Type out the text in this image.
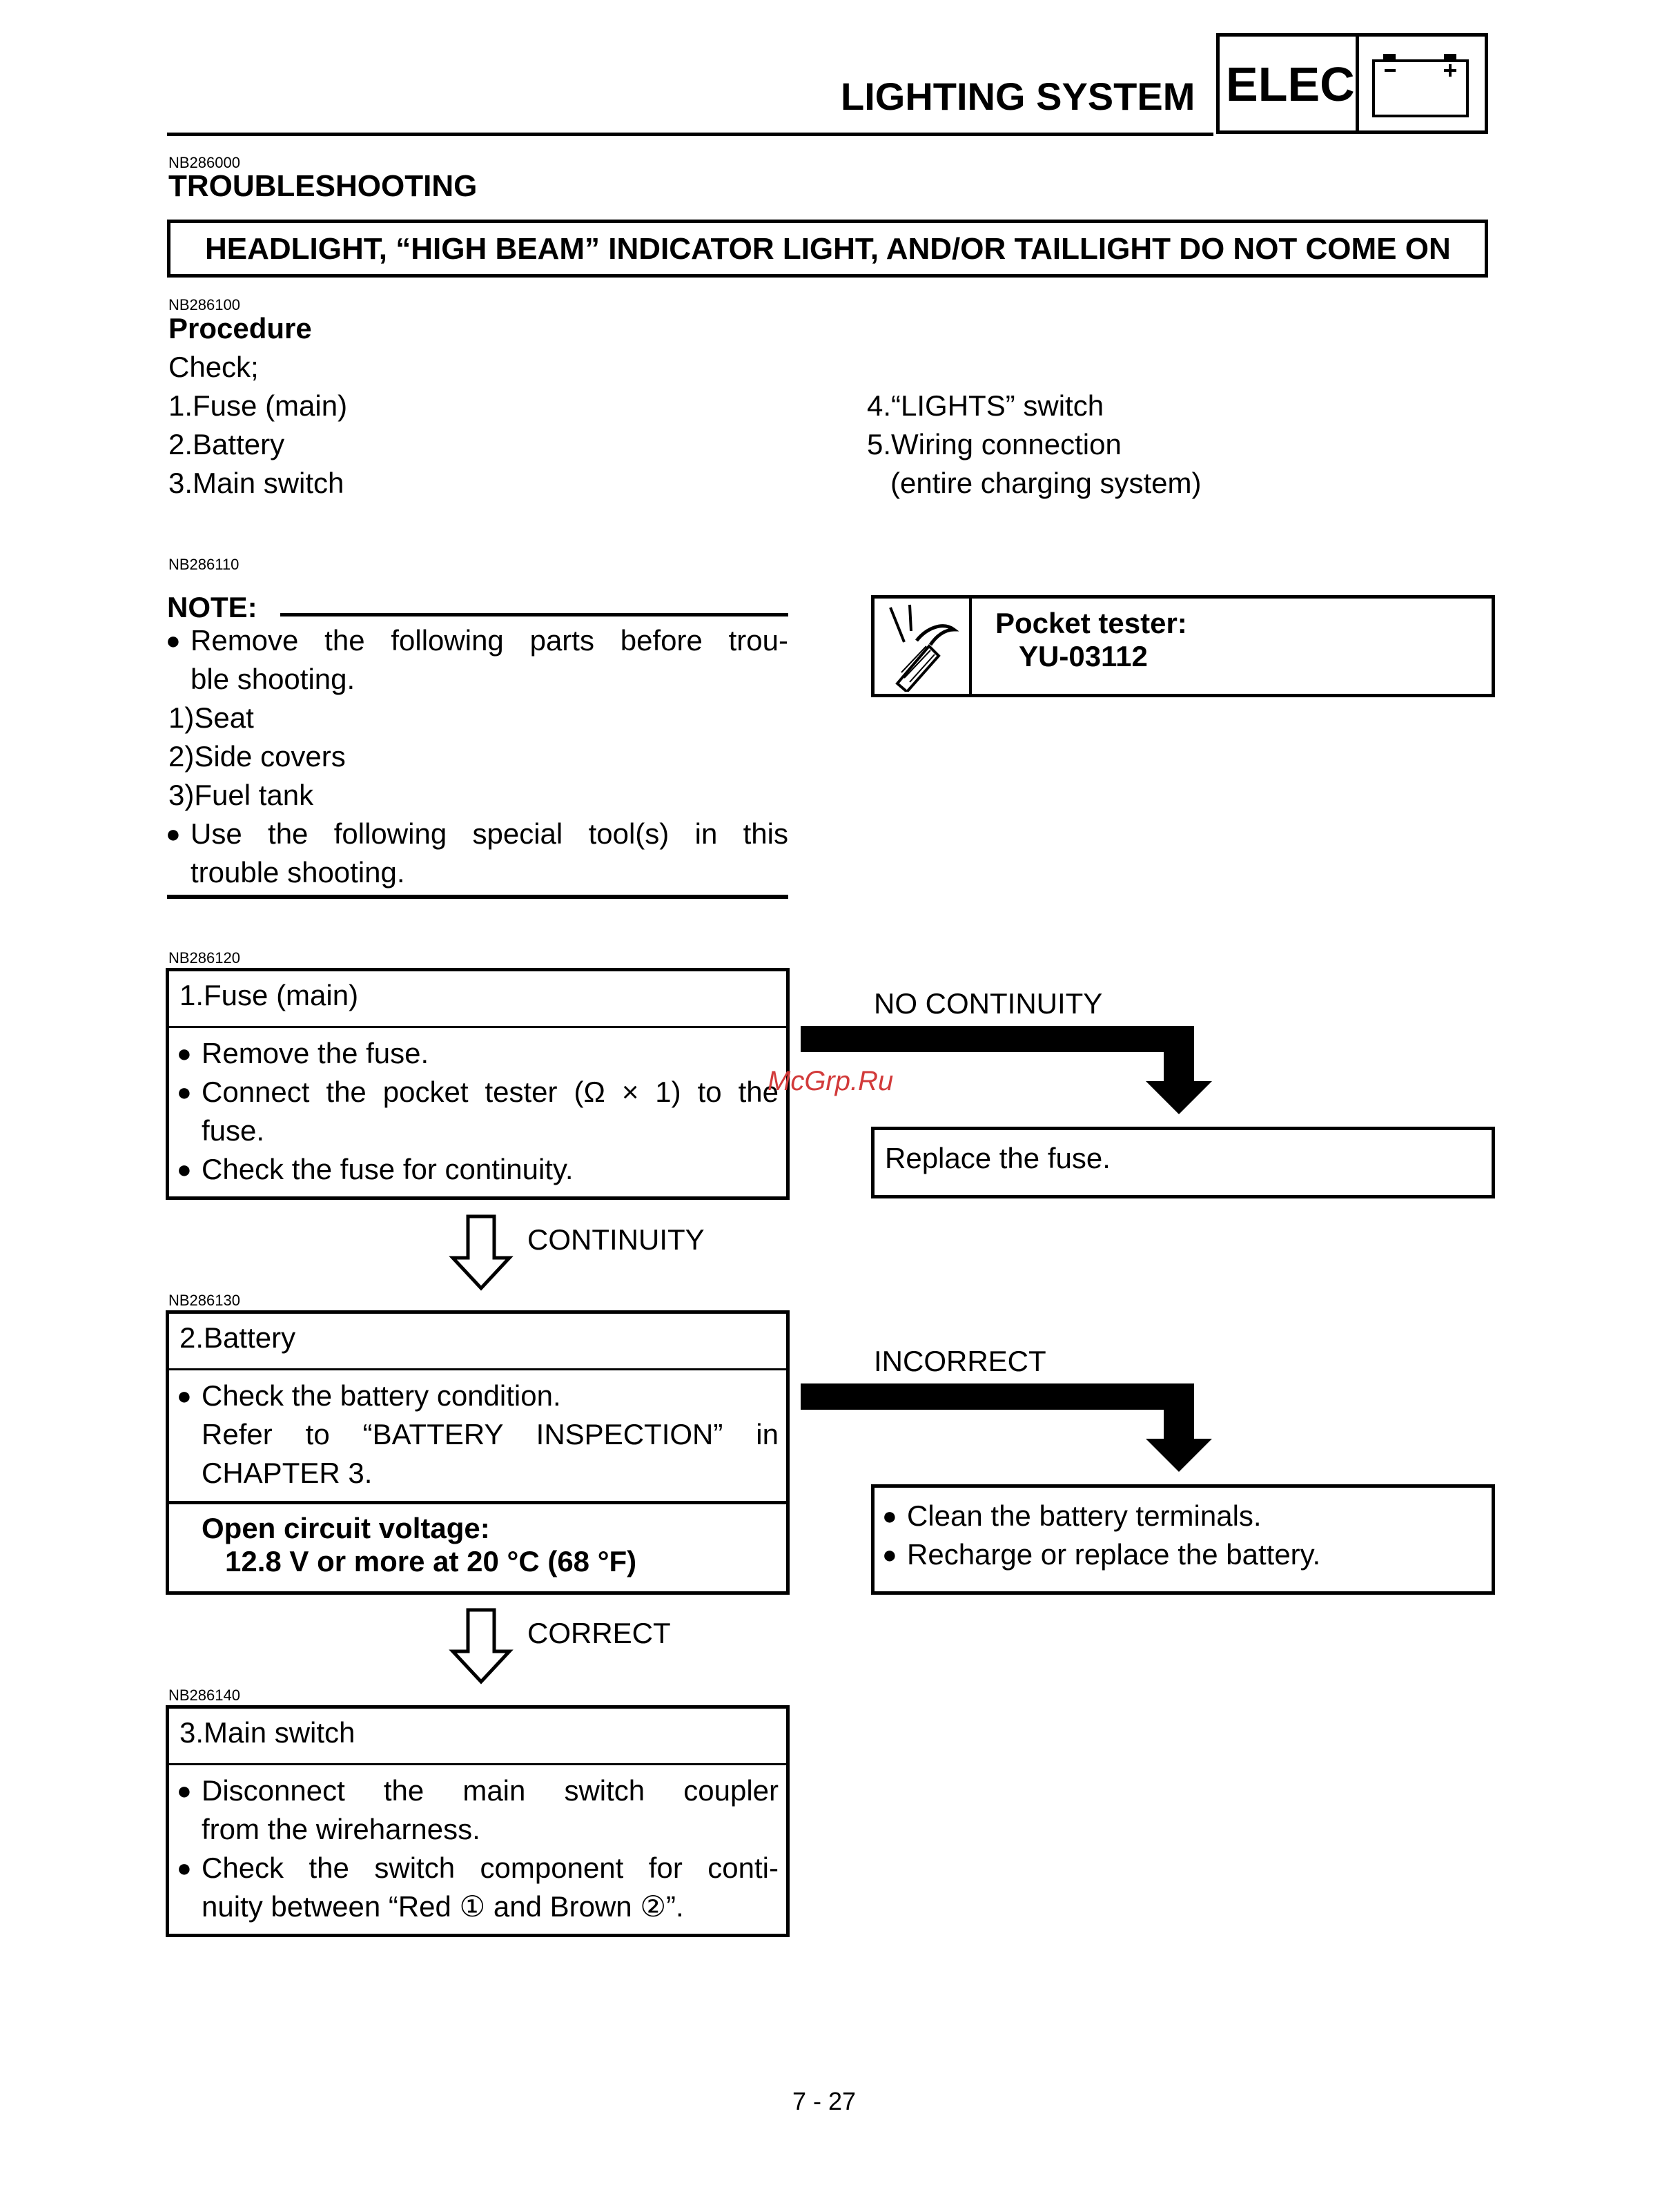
LIGHTING SYSTEM ELEC
NB286000
TROUBLESHOOTING
HEADLIGHT, “HIGH BEAM” INDICATOR LIGHT, AND/OR TAILLIGHT DO NOT COME ON
NB286100
Procedure
Check;
1.Fuse (main)
2.Battery
3.Main switch
4.“LIGHTS” switch
5.Wiring connection
(entire charging system)
NB286110
NOTE:
● Remove the following parts before trou-
ble shooting.
1)Seat
2)Side covers
3)Fuel tank
● Use the following special tool(s) in this
trouble shooting.
Pocket tester:
YU-03112
NB286120
1.Fuse (main)
● Remove the fuse.
● Connect the pocket tester (Ω × 1) to the
fuse.
● Check the fuse for continuity.
NO CONTINUITY
Replace the fuse.
CONTINUITY
NB286130
2.Battery
● Check the battery condition.
Refer to “BATTERY INSPECTION” in
CHAPTER 3.
Open circuit voltage:
12.8 V or more at 20 °C (68 °F)
INCORRECT
● Clean the battery terminals.
● Recharge or replace the battery.
CORRECT
NB286140
3.Main switch
● Disconnect the main switch coupler
from the wireharness.
● Check the switch component for conti-
nuity between “Red ① and Brown ②”.
McGrp.Ru
7 - 27
